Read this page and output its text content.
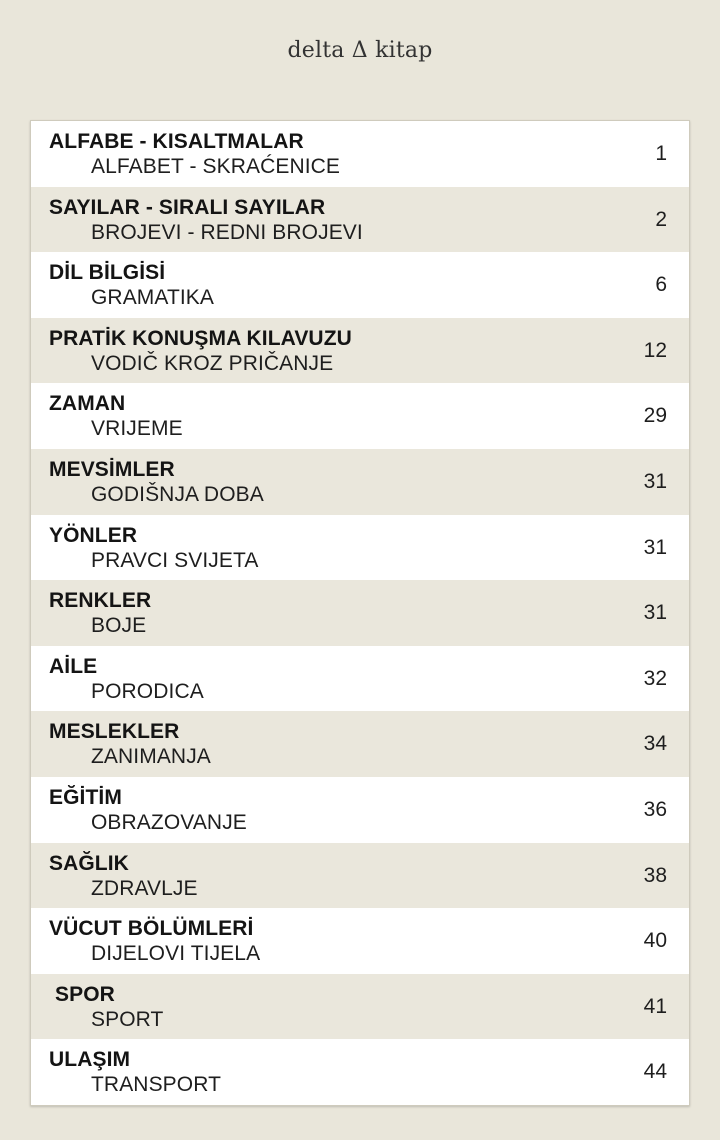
delta Δ kitap
ALFABE - KISALTMALAR
ALFABET - SKRAĆENICE
1
SAYILAR - SIRALI SAYILAR
BROJEVI - REDNI BROJEVI
2
DİL BİLGİSİ
GRAMATIKA
6
PRATİK KONUŞMA KILAVUZU
VODIČ KROZ PRIČANJE
12
ZAMAN
VRIJEME
29
MEVSİMLER
GODIŠNJA DOBA
31
YÖNLER
PRAVCI SVIJETA
31
RENKLER
BOJE
31
AİLE
PORODICA
32
MESLEKLER
ZANIMANJA
34
EĞİTİM
OBRAZOVANJE
36
SAĞLIK
ZDRAVLJE
38
VÜCUT BÖLÜMLERİ
DIJELOVI TIJELA
40
SPOR
SPORT
41
ULAŞIM
TRANSPORT
44
